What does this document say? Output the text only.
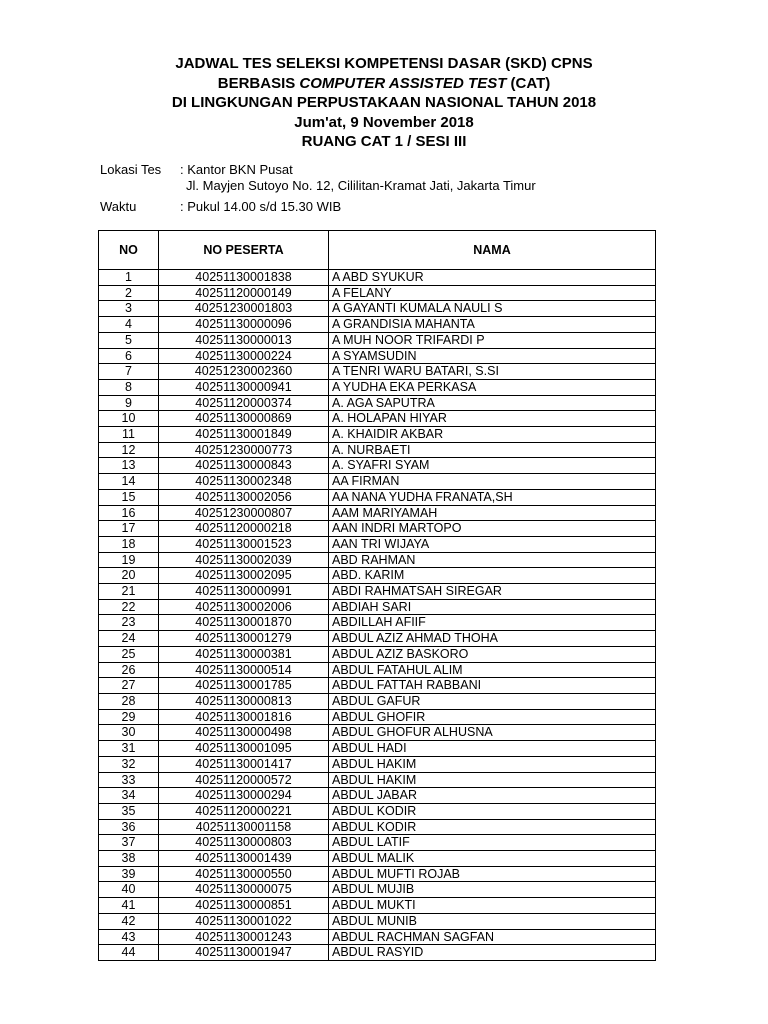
JADWAL TES SELEKSI KOMPETENSI DASAR (SKD) CPNS
BERBASIS COMPUTER ASSISTED TEST (CAT)
DI LINGKUNGAN PERPUSTAKAAN NASIONAL TAHUN 2018
Jum'at, 9 November 2018
RUANG CAT 1 / SESI III
Lokasi Tes : Kantor BKN Pusat
Jl. Mayjen Sutoyo No. 12, Cililitan-Kramat Jati, Jakarta Timur
Waktu	: Pukul 14.00 s/d 15.30 WIB
NO	NO PESERTA	NAMA
1	40251130001838	A ABD SYUKUR
2	40251120000149	A FELANY
3	40251230001803	A GAYANTI KUMALA NAULI S
4	40251130000096	A GRANDISIA MAHANTA
5	40251130000013	A MUH NOOR TRIFARDI P
6	40251130000224	A SYAMSUDIN
7	40251230002360	A TENRI WARU BATARI, S.SI
8	40251130000941	A YUDHA EKA PERKASA
9	40251120000374	A. AGA SAPUTRA
10	40251130000869	A. HOLAPAN HIYAR
11	40251130001849	A. KHAIDIR AKBAR
12	40251230000773	A. NURBAETI
13	40251130000843	A. SYAFRI SYAM
14	40251130002348	AA FIRMAN
15	40251130002056	AA NANA YUDHA FRANATA,SH
16	40251230000807	AAM MARIYAMAH
17	40251120000218	AAN INDRI MARTOPO
18	40251130001523	AAN TRI WIJAYA
19	40251130002039	ABD RAHMAN
20	40251130002095	ABD. KARIM
21	40251130000991	ABDI RAHMATSAH SIREGAR
22	40251130002006	ABDIAH SARI
23	40251130001870	ABDILLAH AFIIF
24	40251130001279	ABDUL AZIZ AHMAD THOHA
25	40251130000381	ABDUL AZIZ BASKORO
26	40251130000514	ABDUL FATAHUL ALIM
27	40251130001785	ABDUL FATTAH RABBANI
28	40251130000813	ABDUL GAFUR
29	40251130001816	ABDUL GHOFIR
30	40251130000498	ABDUL GHOFUR ALHUSNA
31	40251130001095	ABDUL HADI
32	40251130001417	ABDUL HAKIM
33	40251120000572	ABDUL HAKIM
34	40251130000294	ABDUL JABAR
35	40251120000221	ABDUL KODIR
36	40251130001158	ABDUL KODIR
37	40251130000803	ABDUL LATIF
38	40251130001439	ABDUL MALIK
39	40251130000550	ABDUL MUFTI ROJAB
40	40251130000075	ABDUL MUJIB
41	40251130000851	ABDUL MUKTI
42	40251130001022	ABDUL MUNIB
43	40251130001243	ABDUL RACHMAN SAGFAN
44	40251130001947	ABDUL RASYID
